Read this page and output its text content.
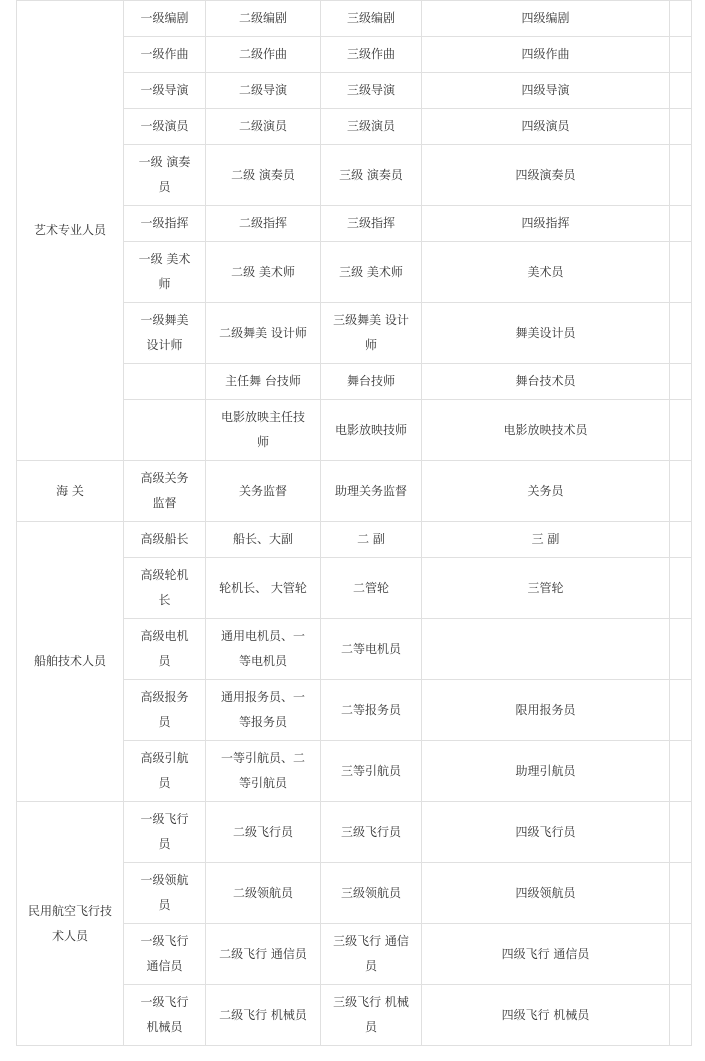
艺术专业人员	一级编剧	二级编剧	三级编剧	四级编剧	
	一级作曲	二级作曲	三级作曲	四级作曲	
	一级导演	二级导演	三级导演	四级导演	
	一级演员	二级演员	三级演员	四级演员	
	一级 演奏员	二级 演奏员	三级 演奏员	四级演奏员	
	一级指挥	二级指挥	三级指挥	四级指挥	
	一级 美术师	二级 美术师	三级 美术师	美术员	
	一级舞美设计师	二级舞美 设计师	三级舞美 设计师	舞美设计员	
		主任舞 台技师	舞台技师	舞台技术员	
		电影放映主任技师	电影放映技师	电影放映技术员	
海 关	高级关务监督	关务监督	助理关务监督	关务员	
船舶技术人员	高级船长	船长、大副	二 副	三 副	
	高级轮机长	轮机长、 大管轮	二管轮	三管轮	
	高级电机员	通用电机员、一等电机员	二等电机员		
	高级报务员	通用报务员、一等报务员	二等报务员	限用报务员	
	高级引航员	一等引航员、二等引航员	三等引航员	助理引航员	
民用航空飞行技术人员	一级飞行员	二级飞行员	三级飞行员	四级飞行员	
	一级领航员	二级领航员	三级领航员	四级领航员	
	一级飞行通信员	二级飞行 通信员	三级飞行 通信员	四级飞行 通信员	
	一级飞行机械员	二级飞行 机械员	三级飞行 机械员	四级飞行 机械员	
